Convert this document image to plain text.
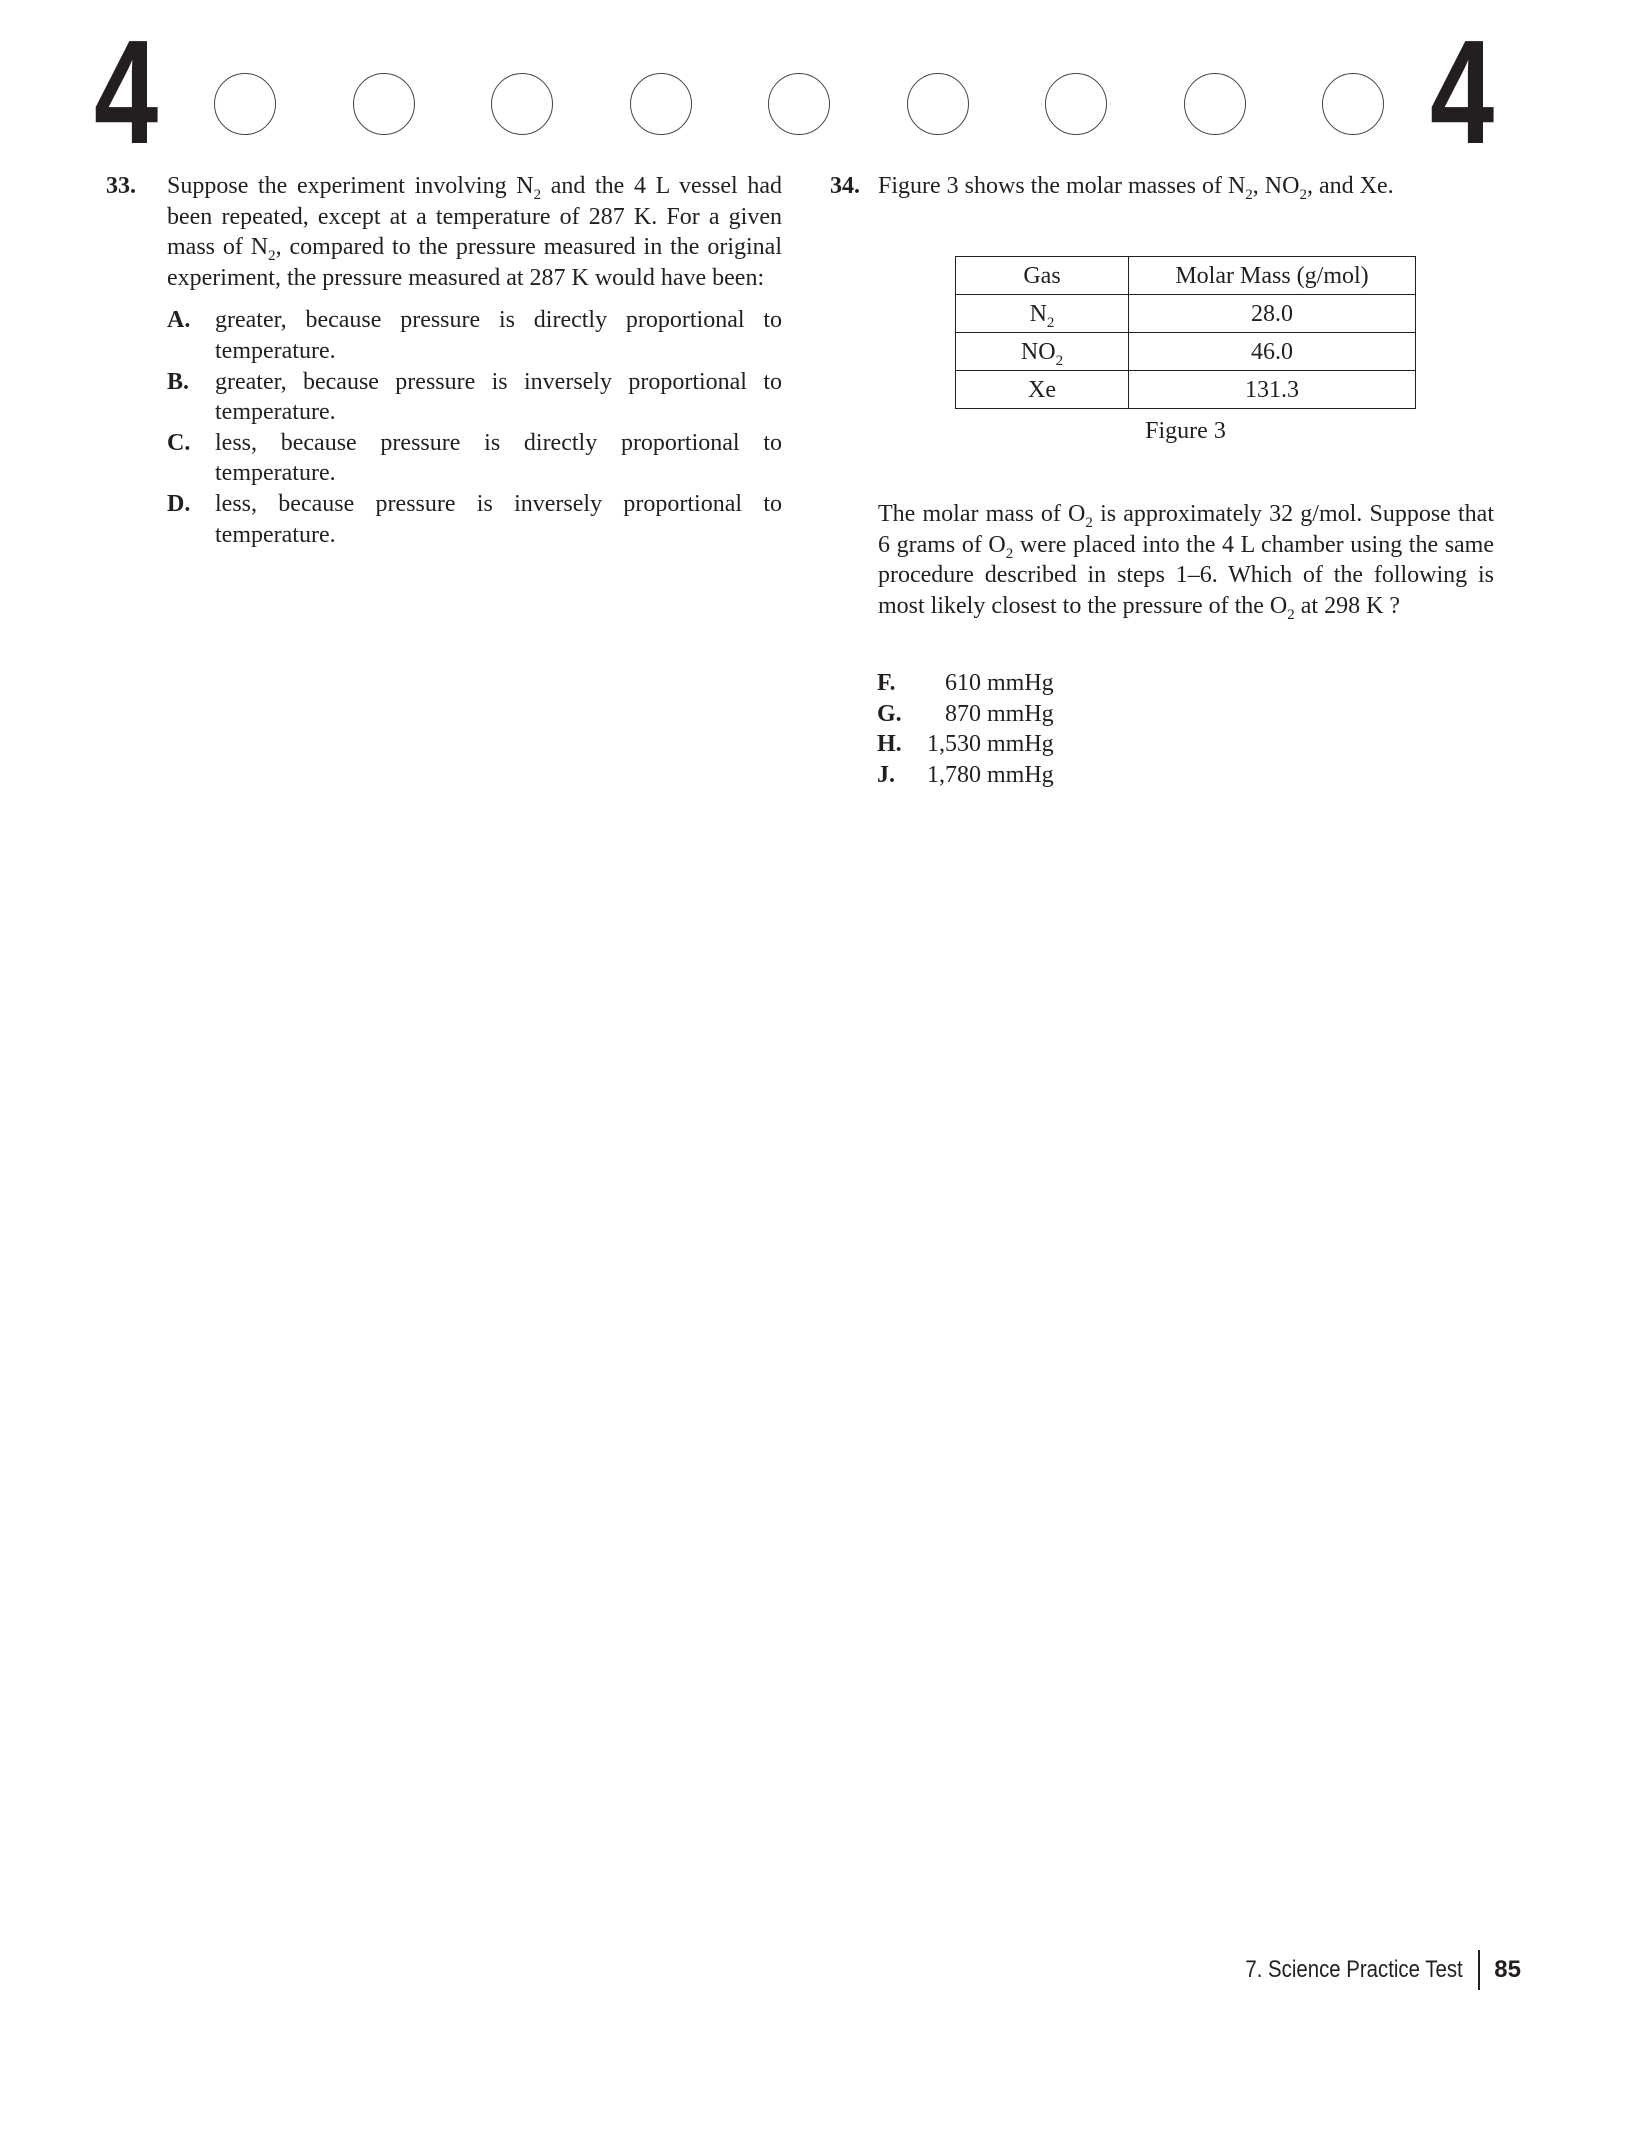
4	4
33. Suppose the experiment involving $N_2$ and the 4 L vessel had been repeated, except at a temperature of 287 K. For a given mass of $N_2$, compared to the pressure measured in the original experiment, the pressure measured at 287 K would have been:
A. greater, because pressure is directly proportional to temperature.
B. greater, because pressure is inversely proportional to temperature.
C. less, because pressure is directly proportional to temperature.
D. less, because pressure is inversely proportional to temperature.
34. Figure 3 shows the molar masses of $N_2$, $NO_2$, and Xe.
Gas	Molar Mass (g/mol)
$N_2$	28.0
$NO_2$	46.0
Xe	131.3
Figure 3
The molar mass of $O_2$ is approximately 32 g/mol. Suppose that 6 grams of $O_2$ were placed into the 4 L chamber using the same procedure described in steps 1–6. Which of the following is most likely closest to the pressure of the $O_2$ at 298 K ?
F. 610 mmHg
G. 870 mmHg
H. 1,530 mmHg
J. 1,780 mmHg
7. Science Practice Test 85
